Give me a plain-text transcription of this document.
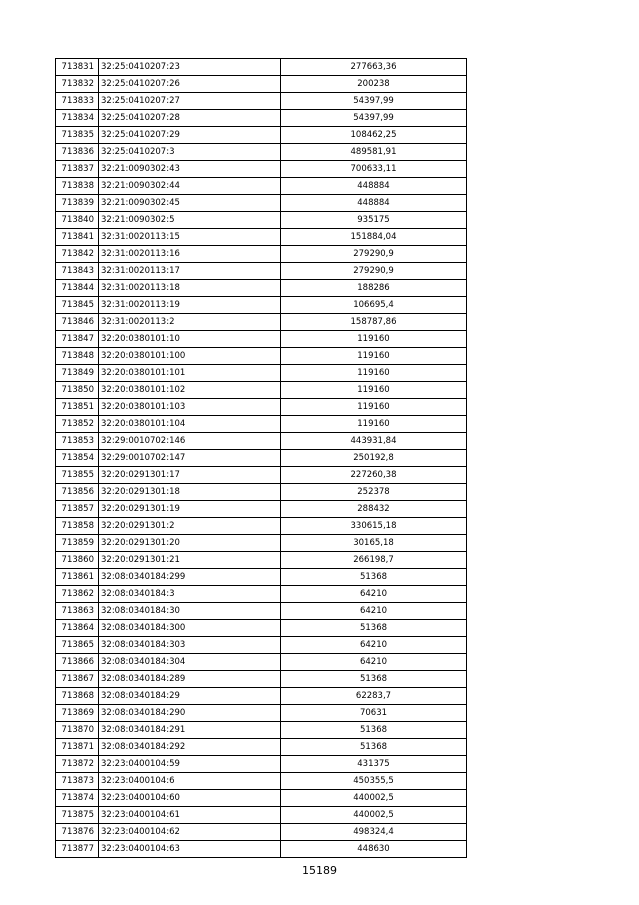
713831	32:25:0410207:23	277663,36
713832	32:25:0410207:26	200238
713833	32:25:0410207:27	54397,99
713834	32:25:0410207:28	54397,99
713835	32:25:0410207:29	108462,25
713836	32:25:0410207:3	489581,91
713837	32:21:0090302:43	700633,11
713838	32:21:0090302:44	448884
713839	32:21:0090302:45	448884
713840	32:21:0090302:5	935175
713841	32:31:0020113:15	151884,04
713842	32:31:0020113:16	279290,9
713843	32:31:0020113:17	279290,9
713844	32:31:0020113:18	188286
713845	32:31:0020113:19	106695,4
713846	32:31:0020113:2	158787,86
713847	32:20:0380101:10	119160
713848	32:20:0380101:100	119160
713849	32:20:0380101:101	119160
713850	32:20:0380101:102	119160
713851	32:20:0380101:103	119160
713852	32:20:0380101:104	119160
713853	32:29:0010702:146	443931,84
713854	32:29:0010702:147	250192,8
713855	32:20:0291301:17	227260,38
713856	32:20:0291301:18	252378
713857	32:20:0291301:19	288432
713858	32:20:0291301:2	330615,18
713859	32:20:0291301:20	30165,18
713860	32:20:0291301:21	266198,7
713861	32:08:0340184:299	51368
713862	32:08:0340184:3	64210
713863	32:08:0340184:30	64210
713864	32:08:0340184:300	51368
713865	32:08:0340184:303	64210
713866	32:08:0340184:304	64210
713867	32:08:0340184:289	51368
713868	32:08:0340184:29	62283,7
713869	32:08:0340184:290	70631
713870	32:08:0340184:291	51368
713871	32:08:0340184:292	51368
713872	32:23:0400104:59	431375
713873	32:23:0400104:6	450355,5
713874	32:23:0400104:60	440002,5
713875	32:23:0400104:61	440002,5
713876	32:23:0400104:62	498324,4
713877	32:23:0400104:63	448630
15189
